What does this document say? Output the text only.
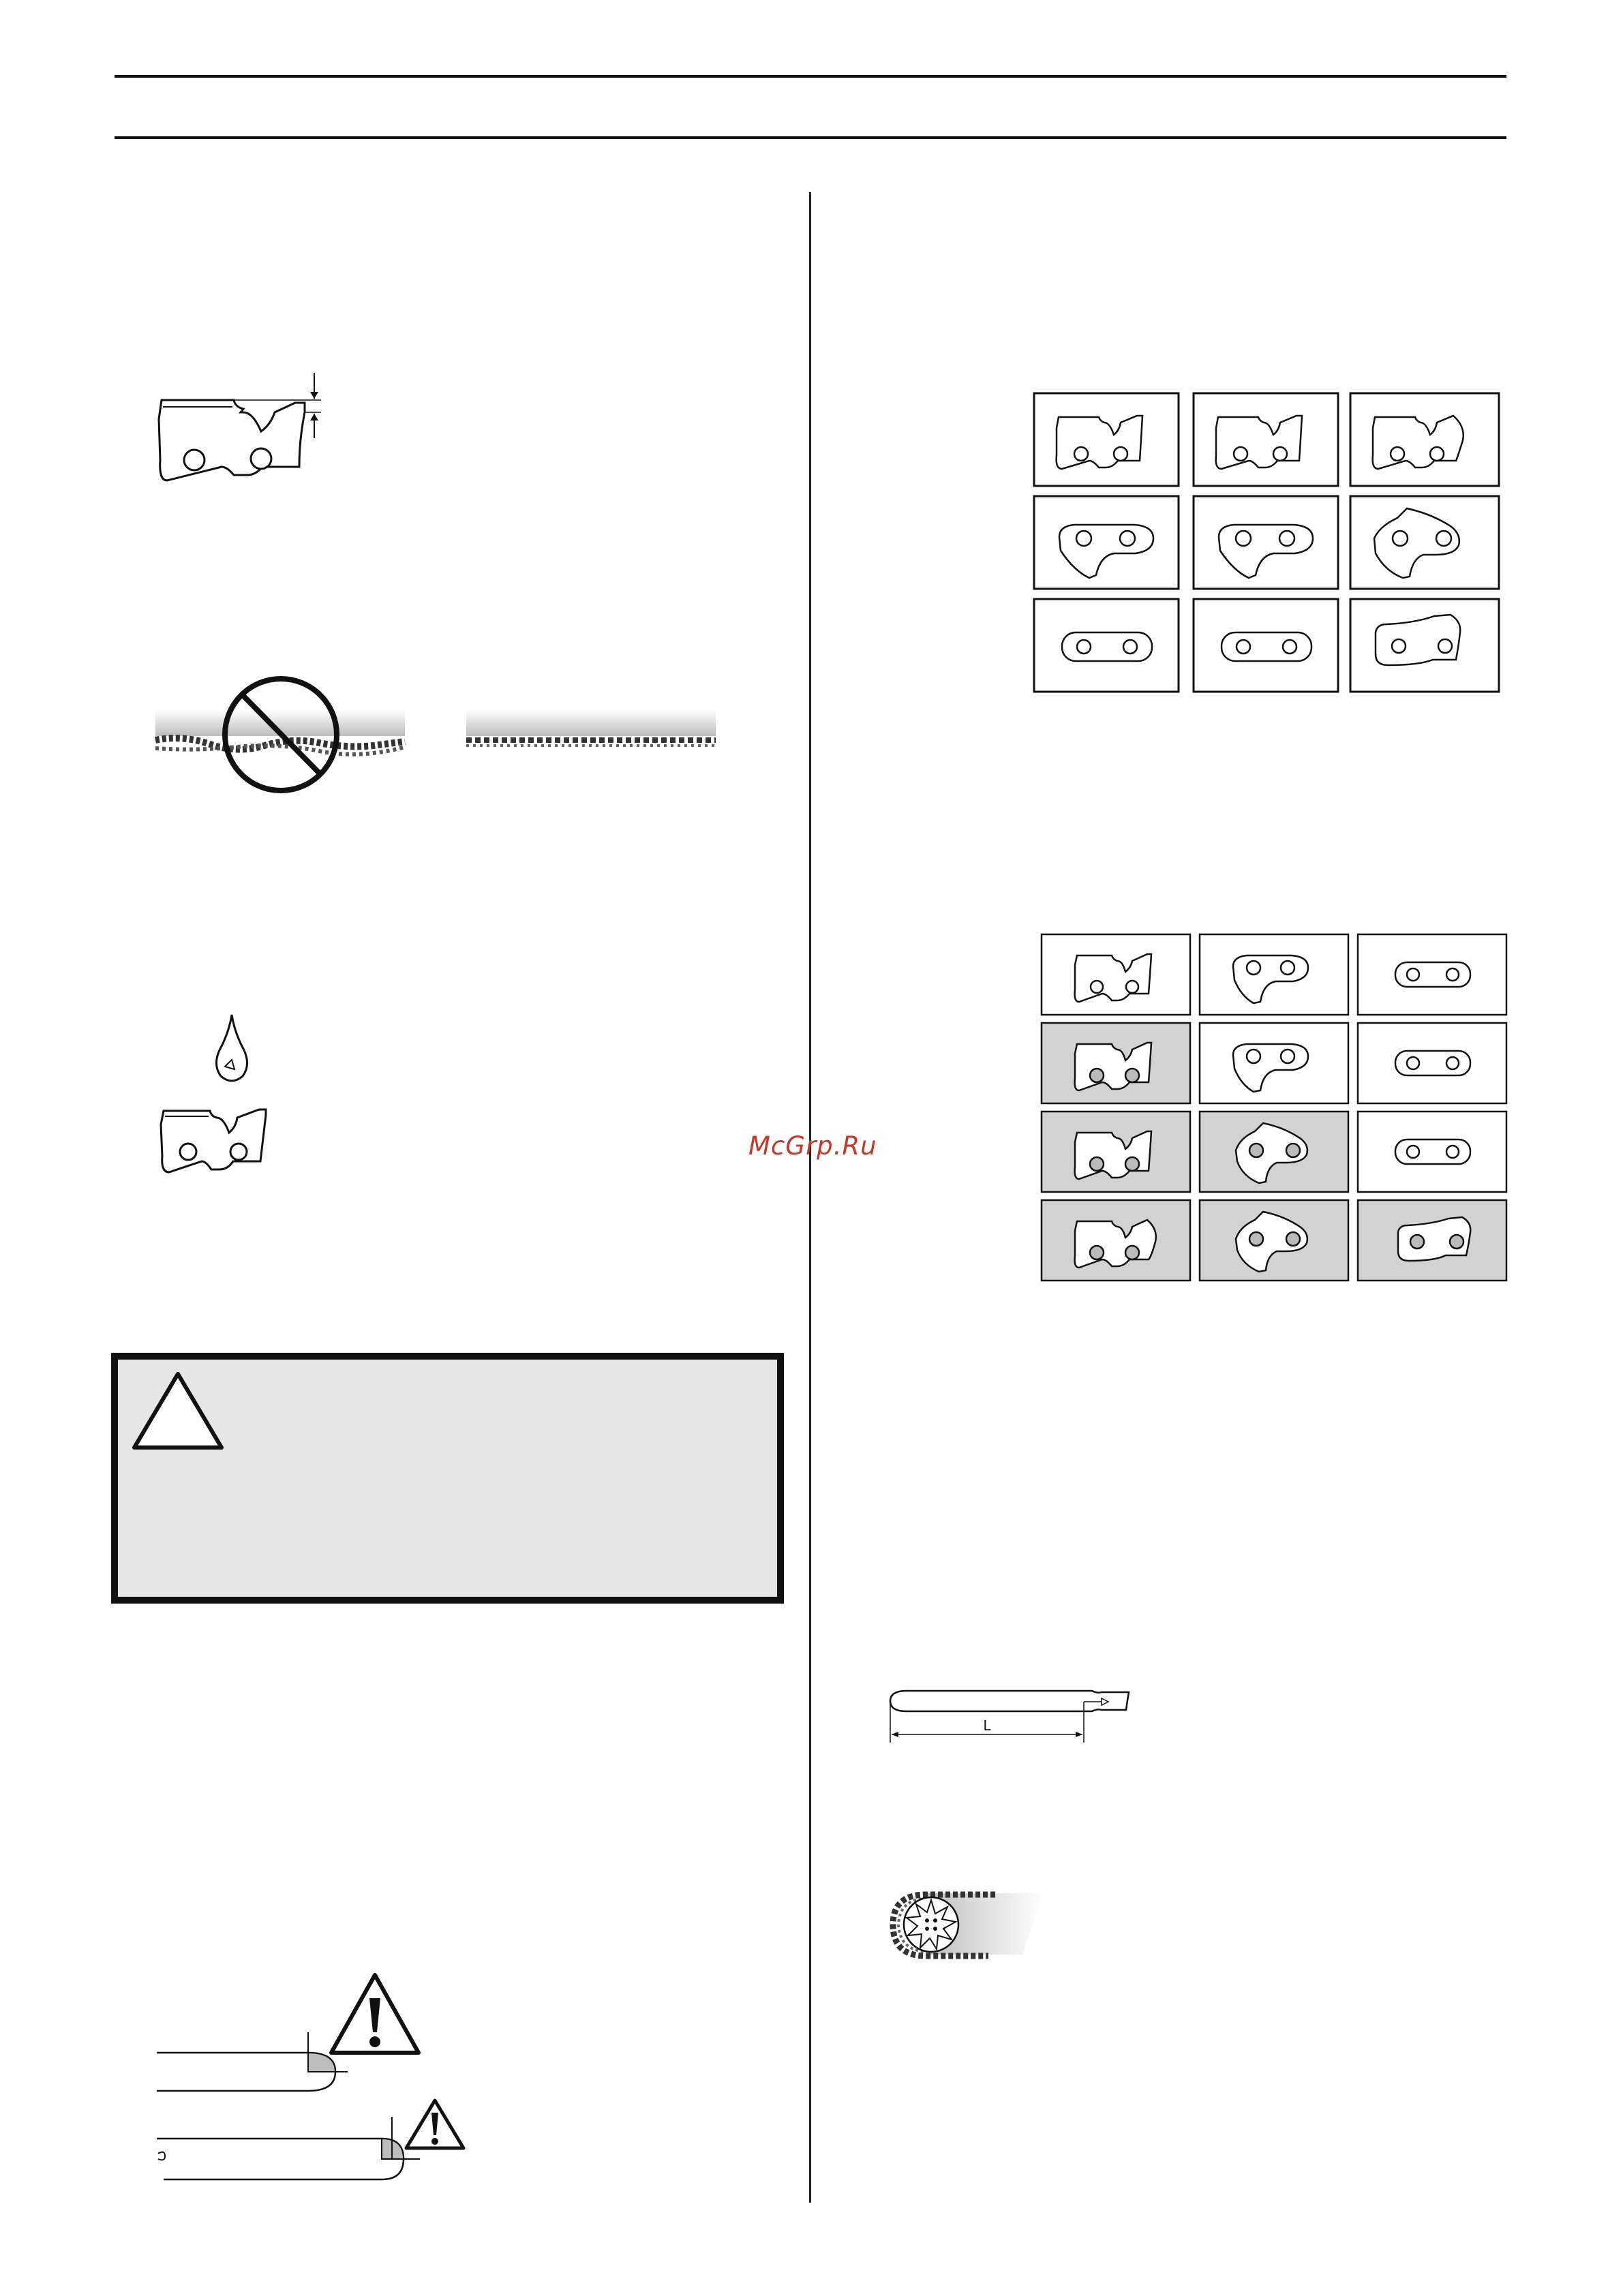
McGrp.Ru
L
